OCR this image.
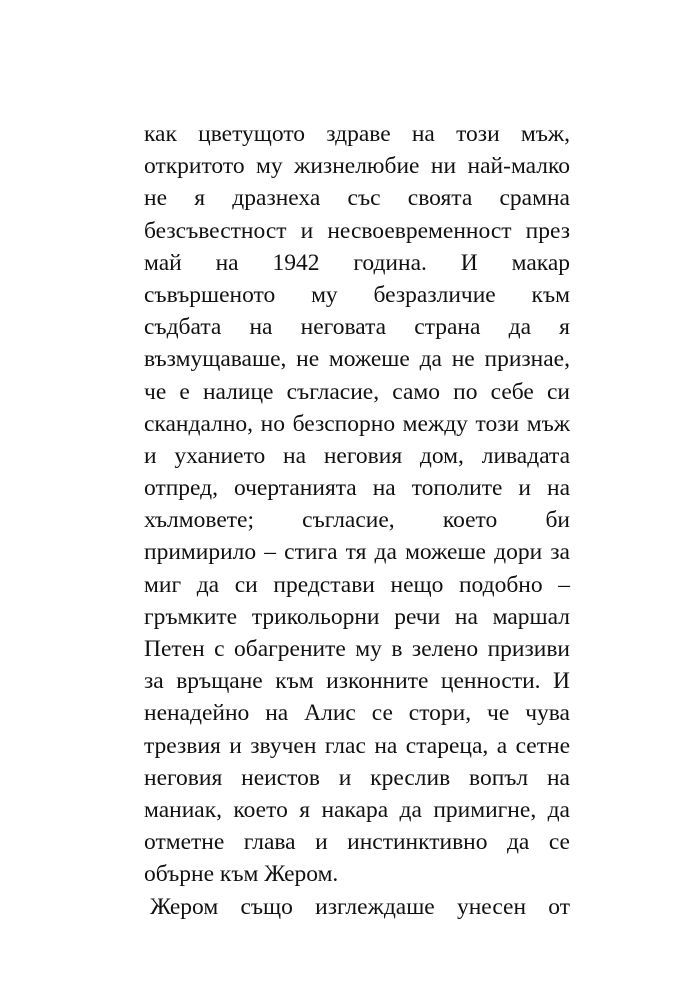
как цветущото здраве на този мъж,
откритото му жизнелюбие ни най-малко
не я дразнеха със своята срамна
безсъвестност и несвоевременност през
май на 1942 година. И макар
съвършеното му безразличие към
съдбата на неговата страна да я
възмущаваше, не можеше да не признае,
че е налице съгласие, само по себе си
скандално, но безспорно между този мъж
и уханието на неговия дом, ливадата
отпред, очертанията на тополите и на
хълмовете; съгласие, което би
примирило – стига тя да можеше дори за
миг да си представи нещо подобно –
гръмките трикольорни речи на маршал
Петен с обагрените му в зелено призиви
за връщане към изконните ценности. И
ненадейно на Алис се стори, че чува
трезвия и звучен глас на стареца, а сетне
неговия неистов и креслив вопъл на
маниак, което я накара да примигне, да
отметне глава и инстинктивно да се
обърне към Жером.
Жером също изглеждаше унесен от
